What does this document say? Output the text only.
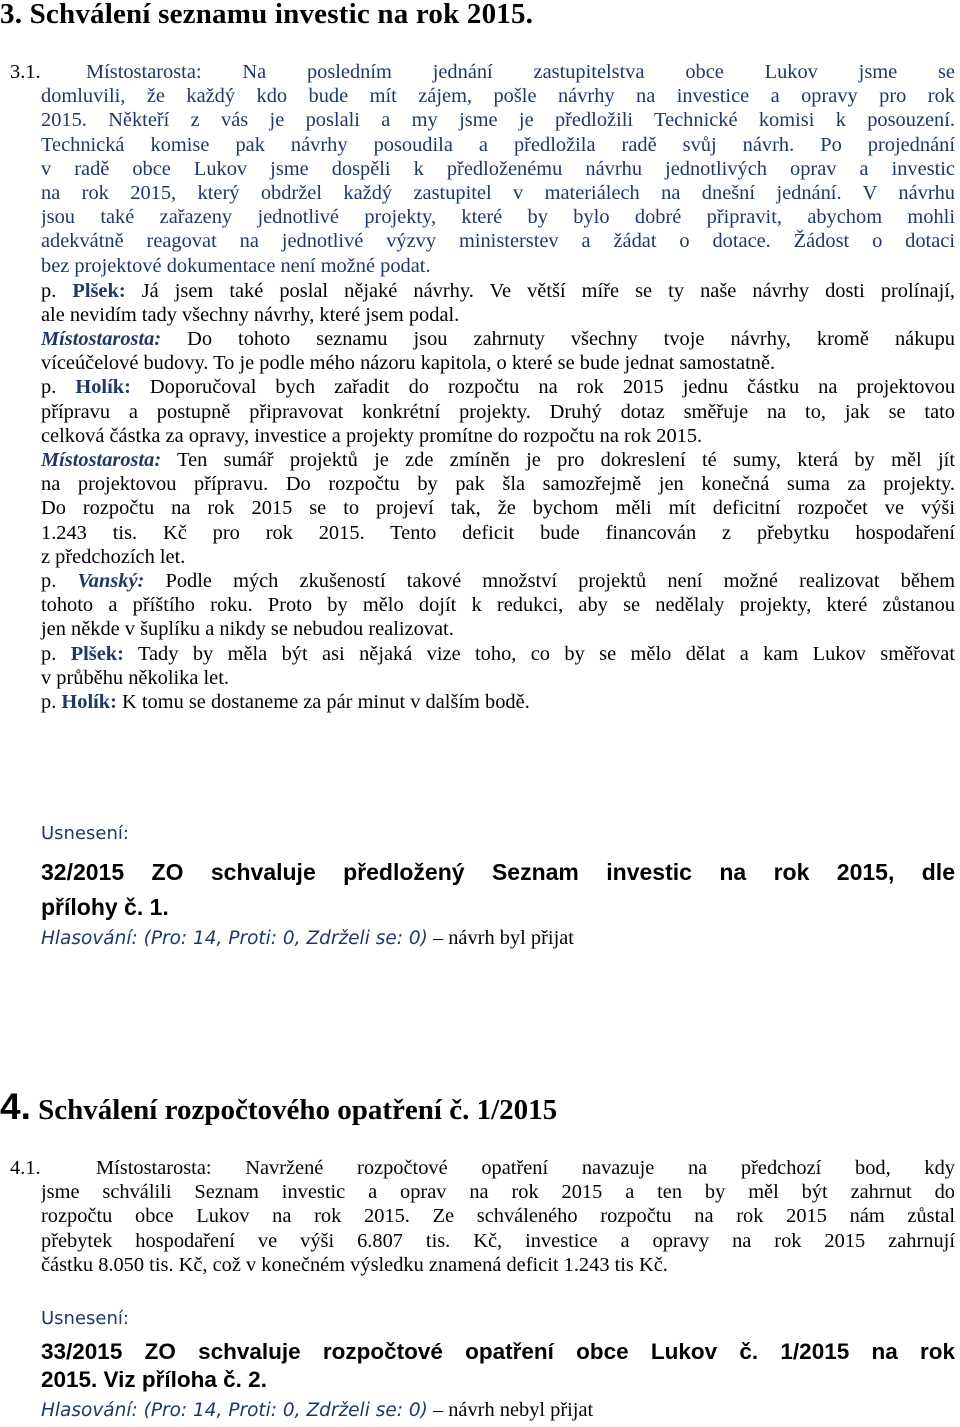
3. Schválení seznamu investic na rok 2015.
3.1. Místostarosta: Na posledním jednání zastupitelstva obce Lukov jsme se
domluvili, že každý kdo bude mít zájem, pošle návrhy na investice a opravy pro rok
2015. Někteří z vás je poslali a my jsme je předložili Technické komisi k posouzení.
Technická komise pak návrhy posoudila a předložila radě svůj návrh. Po projednání
v radě obce Lukov jsme dospěli k předloženému návrhu jednotlivých oprav a investic
na rok 2015, který obdržel každý zastupitel v materiálech na dnešní jednání. V návrhu
jsou také zařazeny jednotlivé projekty, které by bylo dobré připravit, abychom mohli
adekvátně reagovat na jednotlivé výzvy ministerstev a žádat o dotace. Žádost o dotaci
bez projektové dokumentace není možné podat.
p. Plšek: Já jsem také poslal nějaké návrhy. Ve větší míře se ty naše návrhy dosti prolínají,
ale nevidím tady všechny návrhy, které jsem podal.
Místostarosta: Do tohoto seznamu jsou zahrnuty všechny tvoje návrhy, kromě nákupu
víceúčelové budovy. To je podle mého názoru kapitola, o které se bude jednat samostatně.
p. Holík: Doporučoval bych zařadit do rozpočtu na rok 2015 jednu částku na projektovou
přípravu a postupně připravovat konkrétní projekty. Druhý dotaz směřuje na to, jak se tato
celková částka za opravy, investice a projekty promítne do rozpočtu na rok 2015.
Místostarosta: Ten sumář projektů je zde zmíněn je pro dokreslení té sumy, která by měl jít
na projektovou přípravu. Do rozpočtu by pak šla samozřejmě jen konečná suma za projekty.
Do rozpočtu na rok 2015 se to projeví tak, že bychom měli mít deficitní rozpočet ve výši
1.243 tis. Kč pro rok 2015. Tento deficit bude financován z přebytku hospodaření
z předchozích let.
p. Vanský: Podle mých zkušeností takové množství projektů není možné realizovat během
tohoto a příštího roku. Proto by mělo dojít k redukci, aby se nedělaly projekty, které zůstanou
jen někde v šuplíku a nikdy se nebudou realizovat.
p. Plšek: Tady by měla být asi nějaká vize toho, co by se mělo dělat a kam Lukov směřovat
v průběhu několika let.
p. Holík: K tomu se dostaneme za pár minut v dalším bodě.
Usnesení:
32/2015 ZO schvaluje předložený Seznam investic na rok 2015, dle
přílohy č. 1.
Hlasování: (Pro: 14, Proti: 0, Zdrželi se: 0) – návrh byl přijat
4. Schválení rozpočtového opatření č. 1/2015
4.1.	Místostarosta: Navržené rozpočtové opatření navazuje na předchozí bod, kdy
jsme schválili Seznam investic a oprav na rok 2015 a ten by měl být zahrnut do
rozpočtu obce Lukov na rok 2015. Ze schváleného rozpočtu na rok 2015 nám zůstal
přebytek hospodaření ve výši 6.807 tis. Kč, investice a opravy na rok 2015 zahrnují
částku 8.050 tis. Kč, což v konečném výsledku znamená deficit 1.243 tis Kč.
Usnesení:
33/2015 ZO schvaluje rozpočtové opatření obce Lukov č. 1/2015 na rok
2015. Viz příloha č. 2.
Hlasování: (Pro: 14, Proti: 0, Zdrželi se: 0) – návrh nebyl přijat
